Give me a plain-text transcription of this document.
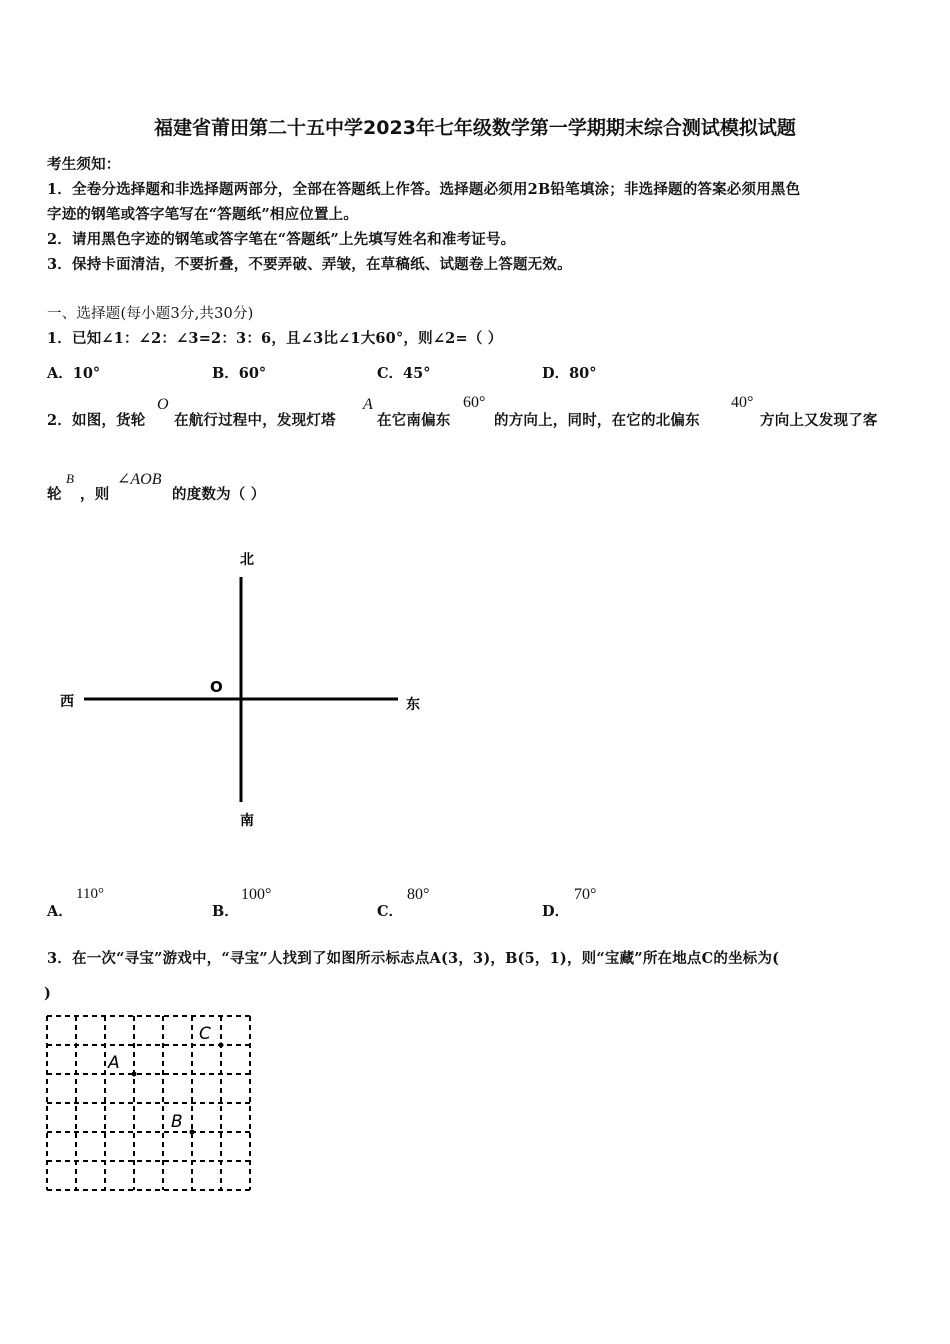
福建省莆田第二十五中学2023年七年级数学第一学期期末综合测试模拟试题
考生须知：
1．全卷分选择题和非选择题两部分，全部在答题纸上作答。选择题必须用2B铅笔填涂；非选择题的答案必须用黑色
字迹的钢笔或答字笔写在“答题纸”相应位置上。
2．请用黑色字迹的钢笔或答字笔在“答题纸”上先填写姓名和准考证号。
3．保持卡面清洁，不要折叠，不要弄破、弄皱，在草稿纸、试题卷上答题无效。
一、选择题(每小题3分,共30分)
1．已知∠1：∠2：∠3=2：3：6，且∠3比∠1大60°，则∠2=（ ）
A．10°	B．60°	C．45°	D．80°
2．如图，货轮
O
在航行过程中，发现灯塔
A
在它南偏东
60°
的方向上，同时，在它的北偏东
40°
方向上又发现了客
轮
B
，则
∠AOB
的度数为（ ）
北
南
东
西
O
A．
110°
B．
100°
C．
80°
D．
70°
3．在一次“寻宝”游戏中，“寻宝”人找到了如图所示标志点A(3，3)，B(5，1)，则“宝藏”所在地点C的坐标为(
)
A
B
C
